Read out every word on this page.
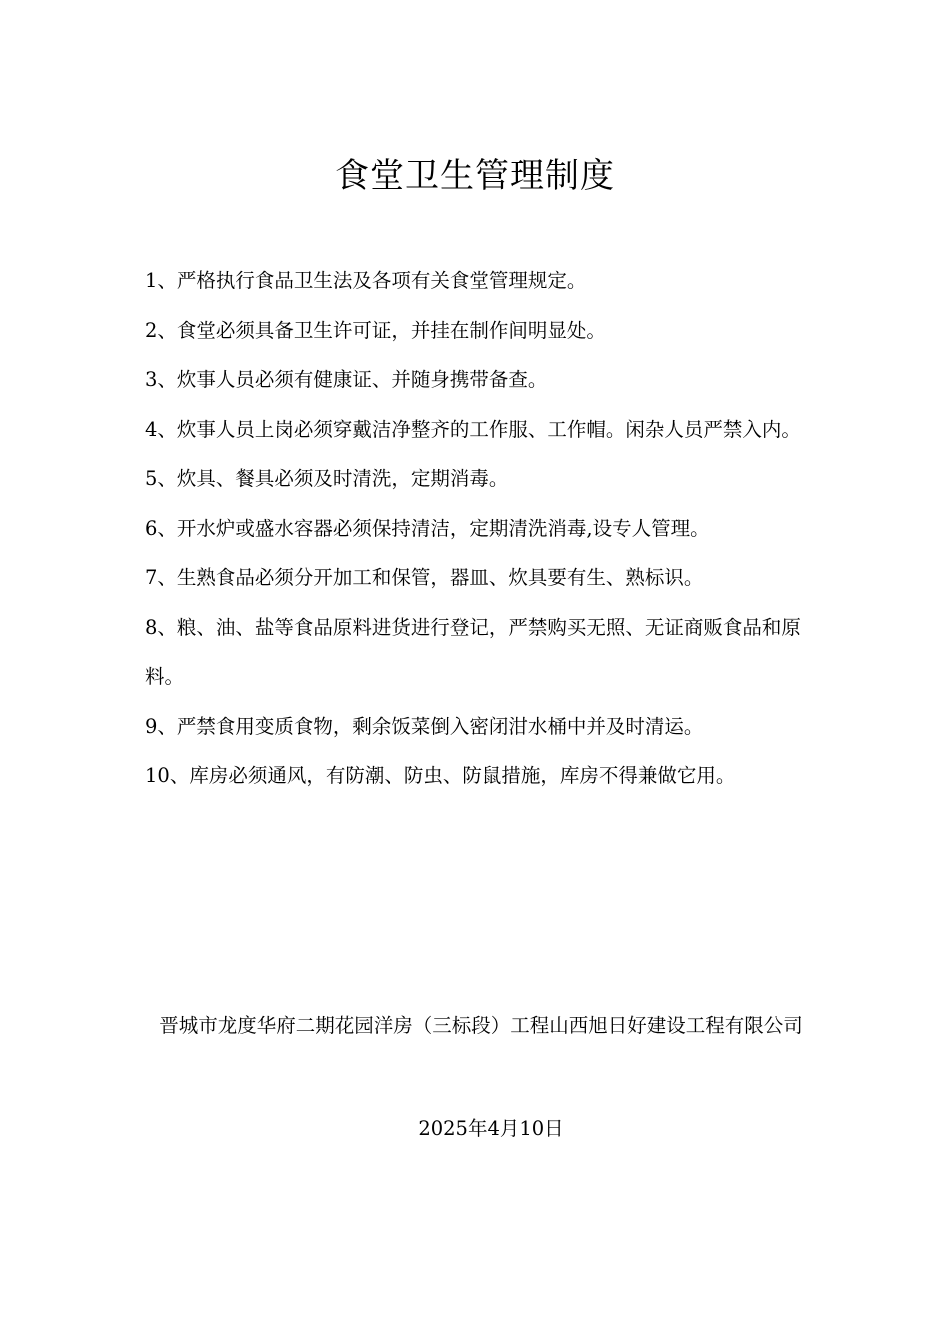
食堂卫生管理制度
1、严格执行食品卫生法及各项有关食堂管理规定。
2、食堂必须具备卫生许可证，并挂在制作间明显处。
3、炊事人员必须有健康证、并随身携带备查。
4、炊事人员上岗必须穿戴洁净整齐的工作服、工作帽。闲杂人员严禁入内。
5、炊具、餐具必须及时清洗，定期消毒。
6、开水炉或盛水容器必须保持清洁，定期清洗消毒,设专人管理。
7、生熟食品必须分开加工和保管，器皿、炊具要有生、熟标识。
8、粮、油、盐等食品原料进货进行登记，严禁购买无照、无证商贩食品和原料。
9、严禁食用变质食物，剩余饭菜倒入密闭泔水桶中并及时清运。
10、库房必须通风，有防潮、防虫、防鼠措施，库房不得兼做它用。
晋城市龙度华府二期花园洋房（三标段）工程山西旭日好建设工程有限公司
2025年4月10日
